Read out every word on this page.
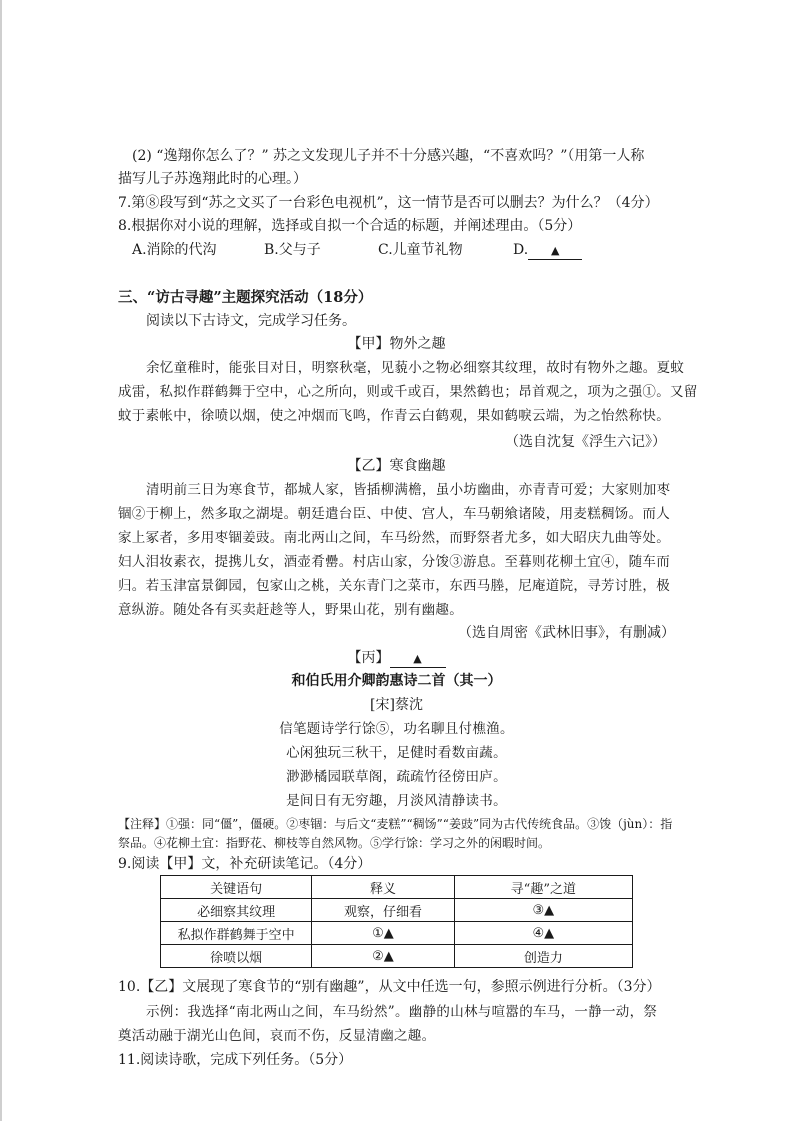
(2) “逸翔你怎么了？” 苏之文发现儿子并不十分感兴趣，“不喜欢吗？”（用第一人称
描写儿子苏逸翔此时的心理。）
7.第⑧段写到“苏之文买了一台彩色电视机”，这一情节是否可以删去？为什么？（4分）
8.根据你对小说的理解，选择或自拟一个合适的标题，并阐述理由。（5分）
A.消除的代沟	B.父与子	C.儿童节礼物	D. ▲
三、“访古寻趣”主题探究活动（18分）
阅读以下古诗文，完成学习任务。
【甲】物外之趣
余忆童稚时，能张目对日，明察秋毫，见藐小之物必细察其纹理，故时有物外之趣。夏蚊
成雷，私拟作群鹤舞于空中，心之所向，则或千或百，果然鹤也；昂首观之，项为之强①。又留
蚊于素帐中，徐喷以烟，使之冲烟而飞鸣，作青云白鹤观，果如鹤唳云端，为之怡然称快。
（选自沈复《浮生六记》）
【乙】寒食幽趣
清明前三日为寒食节，都城人家，皆插柳满檐，虽小坊幽曲，亦青青可爱；大家则加枣
锢②于柳上，然多取之湖堤。朝廷遣台臣、中使、宫人，车马朝飨诸陵，用麦糕稠饧。而人
家上冢者，多用枣锢姜豉。南北两山之间，车马纷然，而野祭者尤多，如大昭庆九曲等处。
妇人泪妆素衣，提携儿女，酒壶肴罍。村店山家，分馂③游息。至暮则花柳土宜④，随车而
归。若玉津富景御园，包家山之桃，关东青门之菜市，东西马塍，尼庵道院，寻芳讨胜，极
意纵游。随处各有买卖赶趁等人，野果山花，别有幽趣。
（选自周密《武林旧事》，有删减）
【丙】 ▲
和伯氏用介卿韵惠诗二首（其一）
[宋]蔡沈
信笔题诗学行馀⑤，功名聊且付樵渔。
心闲独玩三秋干，足健时看数亩蔬。
渺渺橘园联草阁，疏疏竹径傍田庐。
是间日有无穷趣，月淡风清静读书。
【注释】①强：同“僵”，僵硬。②枣锢：与后文“麦糕”“稠饧”“姜豉”同为古代传统食品。③馂（jùn）：指
祭品。④花柳土宜：指野花、柳枝等自然风物。⑤学行馀：学习之外的闲暇时间。
9.阅读【甲】文，补充研读笔记。（4分）
关键语句	释义	寻“趣”之道
必细察其纹理	观察，仔细看	③▲
私拟作群鹤舞于空中	①▲	④▲
徐喷以烟	②▲	创造力
10.【乙】文展现了寒食节的“别有幽趣”，从文中任选一句，参照示例进行分析。（3分）
示例：我选择“南北两山之间，车马纷然”。幽静的山林与喧嚣的车马，一静一动，祭
奠活动融于湖光山色间，哀而不伤，反显清幽之趣。
11.阅读诗歌，完成下列任务。（5分）
